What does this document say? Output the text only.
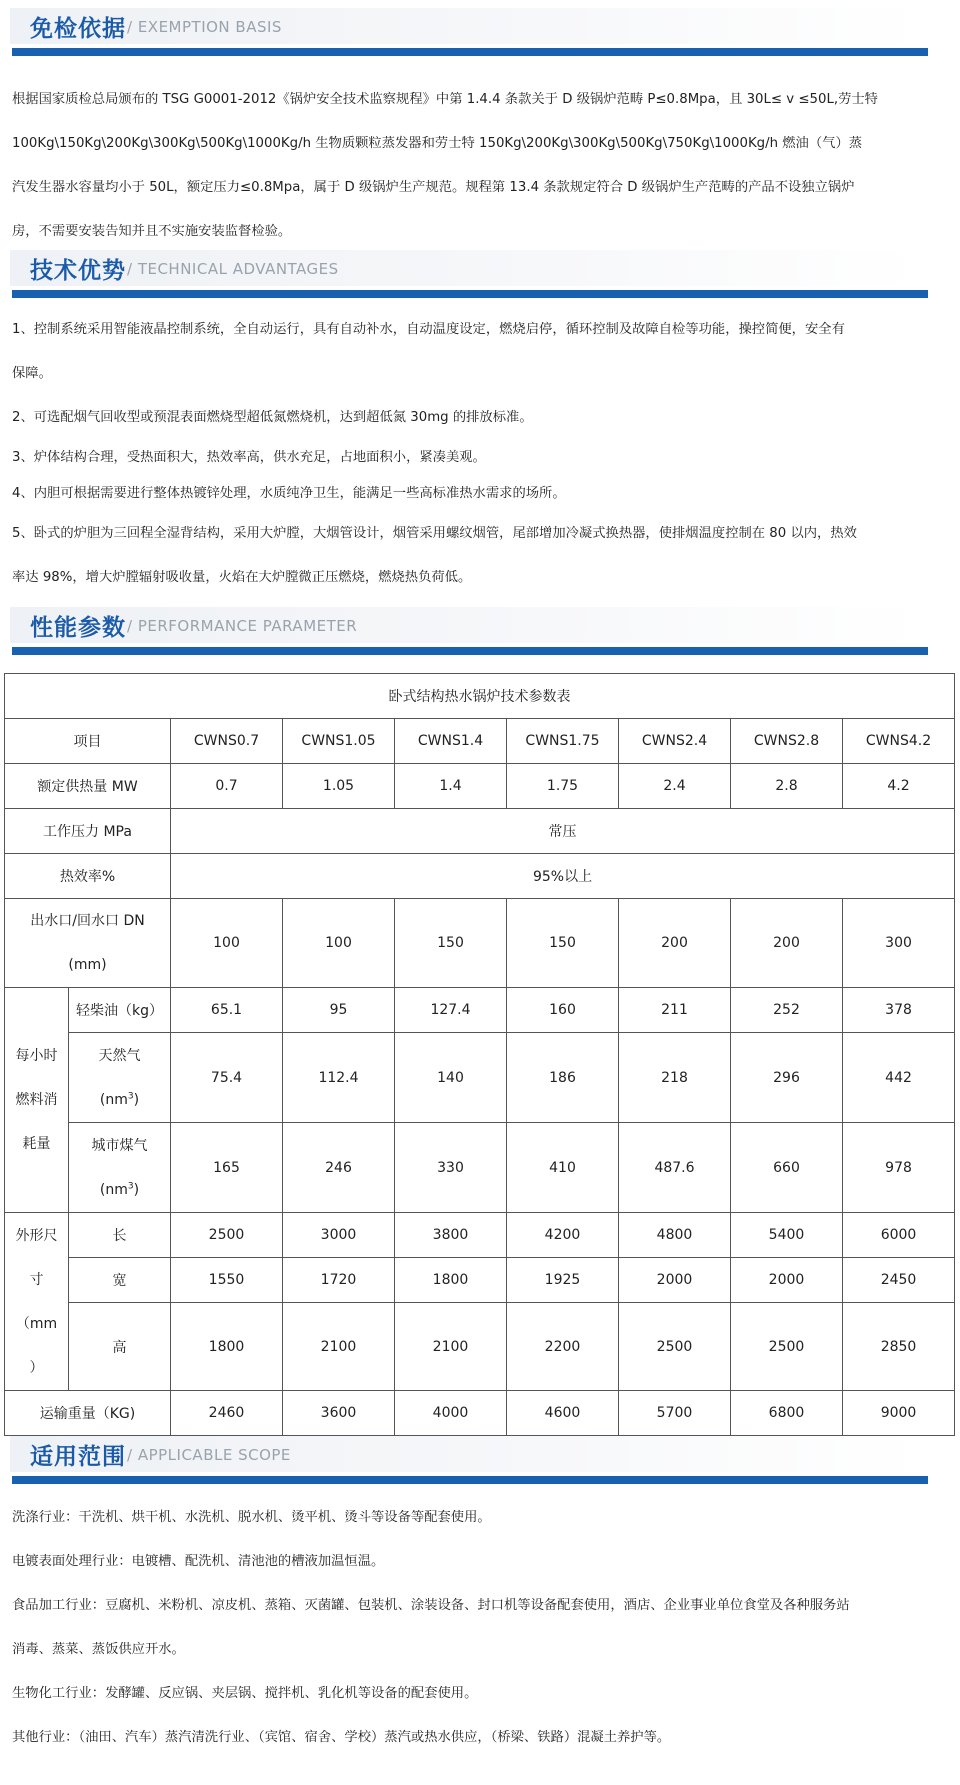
免检依据 / EXEMPTION BASIS

根据国家质检总局颁布的 TSG G0001-2012《锅炉安全技术监察规程》中第 1.4.4 条款关于 D 级锅炉范畴 P≤0.8Mpa，且 30L≤ v ≤50L,劳士特

100Kg\150Kg\200Kg\300Kg\500Kg\1000Kg/h 生物质颗粒蒸发器和劳士特 150Kg\200Kg\300Kg\500Kg\750Kg\1000Kg/h 燃油（气）蒸

汽发生器水容量均小于 50L，额定压力≤0.8Mpa，属于 D 级锅炉生产规范。规程第 13.4 条款规定符合 D 级锅炉生产范畴的产品不设独立锅炉

房，不需要安装告知并且不实施安装监督检验。

技术优势 / TECHNICAL ADVANTAGES

1、控制系统采用智能液晶控制系统，全自动运行，具有自动补水，自动温度设定，燃烧启停，循环控制及故障自检等功能，操控简便，安全有

保障。

2、可选配烟气回收型或预混表面燃烧型超低氮燃烧机，达到超低氮 30mg 的排放标准。

3、炉体结构合理，受热面积大，热效率高，供水充足，占地面积小，紧凑美观。

4、内胆可根据需要进行整体热镀锌处理，水质纯净卫生，能满足一些高标准热水需求的场所。

5、卧式的炉胆为三回程全湿背结构，采用大炉膛，大烟管设计，烟管采用螺纹烟管，尾部增加冷凝式换热器，使排烟温度控制在 80 以内，热效

率达 98%，增大炉膛辐射吸收量，火焰在大炉膛微正压燃烧，燃烧热负荷低。

性能参数 / PERFORMANCE PARAMETER
卧式结构热水锅炉技术参数表								
项目		CWNS0.7	CWNS1.05	CWNS1.4	CWNS1.75	CWNS2.4	CWNS2.8	CWNS4.2
额定供热量 MW		0.7	1.05	1.4	1.75	2.4	2.8	4.2
工作压力 MPa		常压						
热效率%		95%以上						

出水口/回水口 DN
(mm)		100	100	150	150	200	200	300

每小时
燃料消
耗量	轻柴油（kg）	65.1	95	127.4	160	211	252	378

	天然气
$(nm^3)$	75.4	112.4	140	186	218	296	442

	城市煤气
$(nm^3)$	165	246	330	410	487.6	660	978

外形尺
寸
（mm
）	长	2500	3000	3800	4200	4800	5400	6000
	宽	1550	1720	1800	1925	2000	2000	2450
	高	1800	2100	2100	2200	2500	2500	2850
运输重量（KG)		2460	3600	4000	4600	5700	6800	9000
适用范围 / APPLICABLE SCOPE

洗涤行业：干洗机、烘干机、水洗机、脱水机、烫平机、烫斗等设备等配套使用。

电镀表面处理行业：电镀槽、配洗机、清池池的槽液加温恒温。

食品加工行业：豆腐机、米粉机、凉皮机、蒸箱、灭菌罐、包装机、涂装设备、封口机等设备配套使用，酒店、企业事业单位食堂及各种服务站

消毒、蒸菜、蒸饭供应开水。

生物化工行业：发酵罐、反应锅、夹层锅、搅拌机、乳化机等设备的配套使用。

其他行业：（油田、汽车）蒸汽清洗行业、（宾馆、宿舍、学校）蒸汽或热水供应，（桥梁、铁路）混凝土养护等。
